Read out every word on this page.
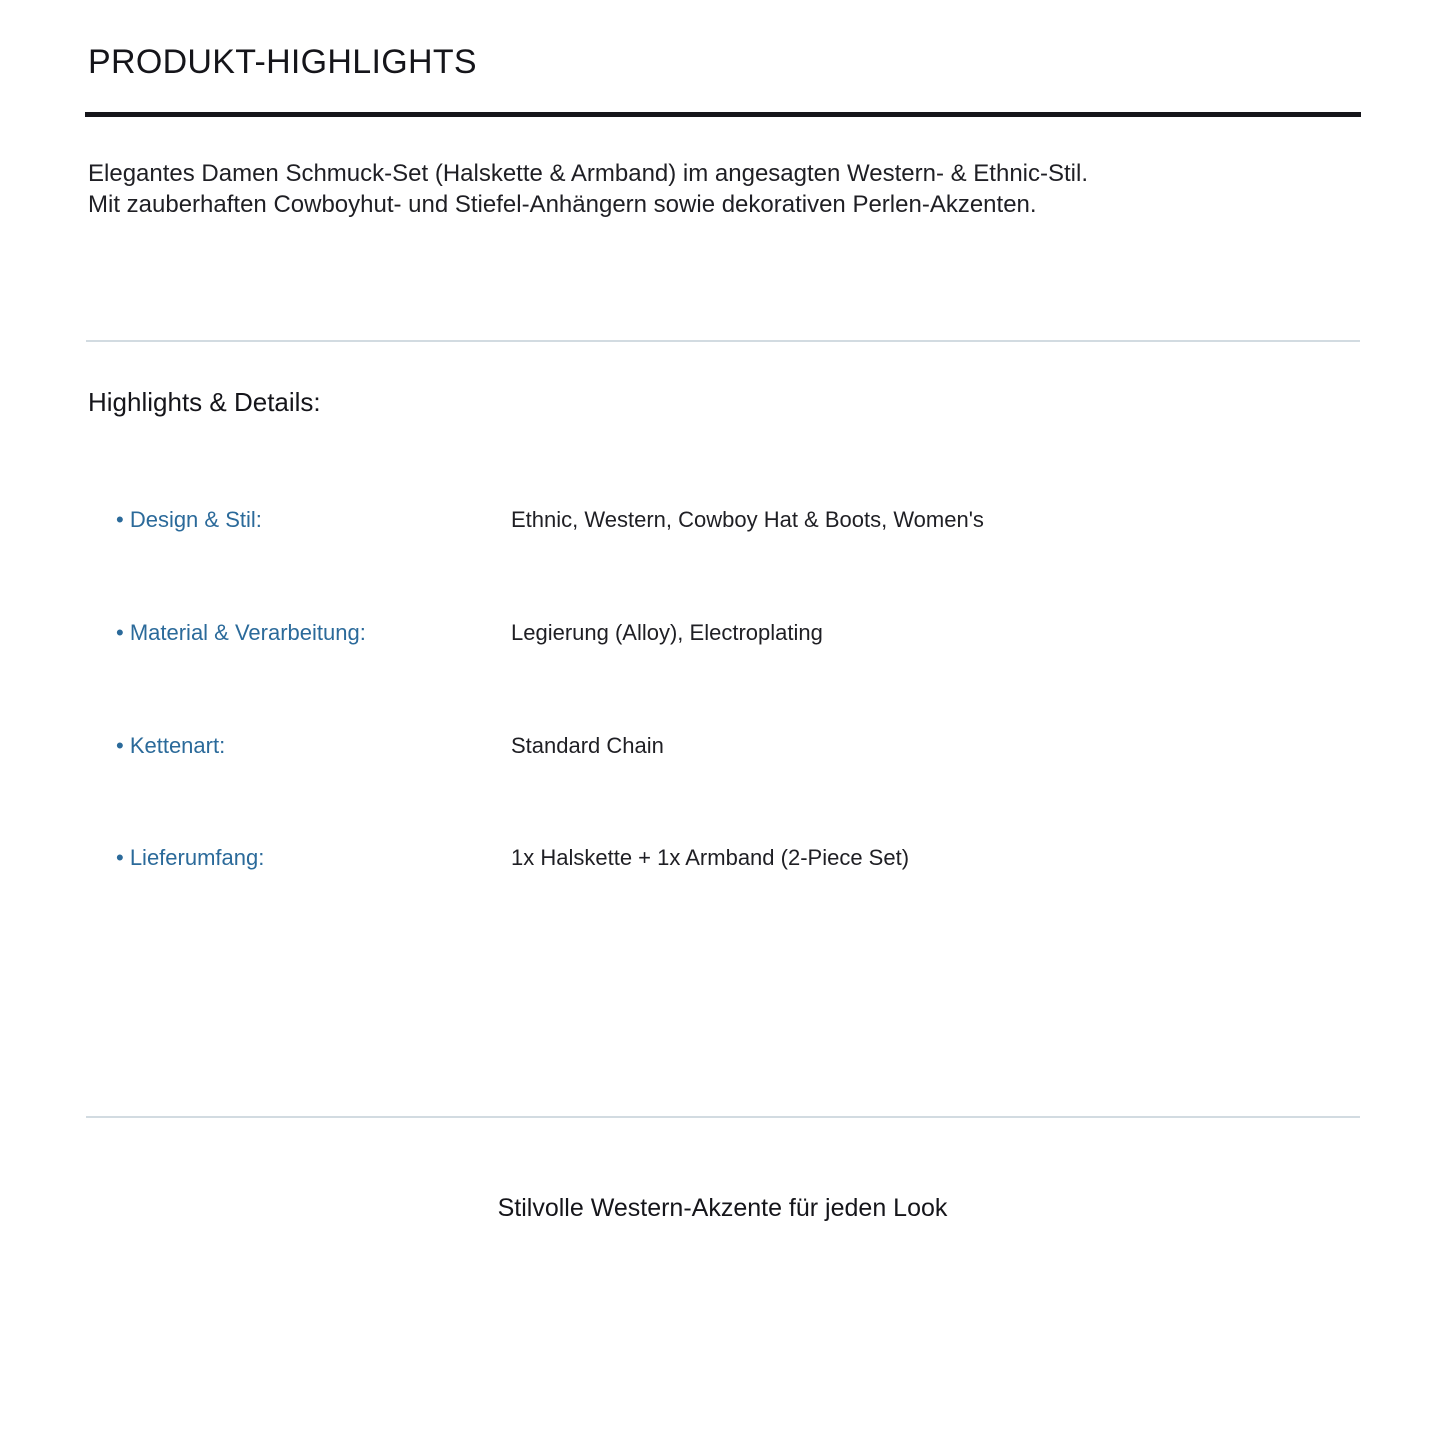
PRODUKT-HIGHLIGHTS

Elegantes Damen Schmuck-Set (Halskette & Armband) im angesagten Western- & Ethnic-Stil.
Mit zauberhaften Cowboyhut- und Stiefel-Anhängern sowie dekorativen Perlen-Akzenten.

Highlights & Details:
• Design & Stil:	Ethnic, Western, Cowboy Hat & Boots, Women's
• Material & Verarbeitung:	Legierung (Alloy), Electroplating
• Kettenart:	Standard Chain
• Lieferumfang:	1x Halskette + 1x Armband (2-Piece Set)
Stilvolle Western-Akzente für jeden Look
